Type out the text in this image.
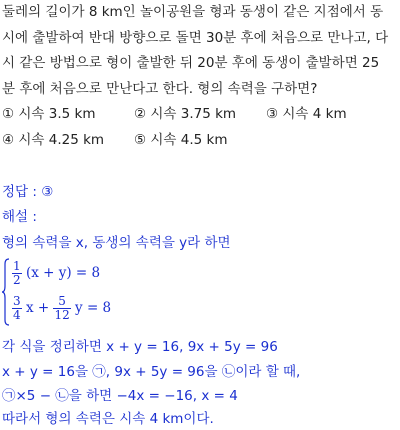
둘레의 길이가 8 km인 놀이공원을 형과 동생이 같은 지점에서 동
시에 출발하여 반대 방향으로 돌면 30분 후에 처음으로 만나고, 다
시 같은 방법으로 형이 출발한 뒤 20분 후에 동생이 출발하면 25
분 후에 처음으로 만난다고 한다. 형의 속력을 구하면?
① 시속 3.5 km	② 시속 3.75 km ③ 시속 4 km
④ 시속 4.25 km ⑤ 시속 4.5 km
정답 : ③
해설 :
형의 속력을 x, 동생의 속력을 y라 하면
$\frac{1}{2} (x + y) = 8$
$\frac{3}{4}$ $x + \frac{5}{12}$ y = 8
각 식을 정리하면 x + y = 16, 9x + 5y = 96
x + y = 16을 ㉠, 9x + 5y = 96을 ㉡이라 할 때,
㉠×5 − ㉡을 하면 −4x = −16, x = 4
따라서 형의 속력은 시속 4 km이다.
